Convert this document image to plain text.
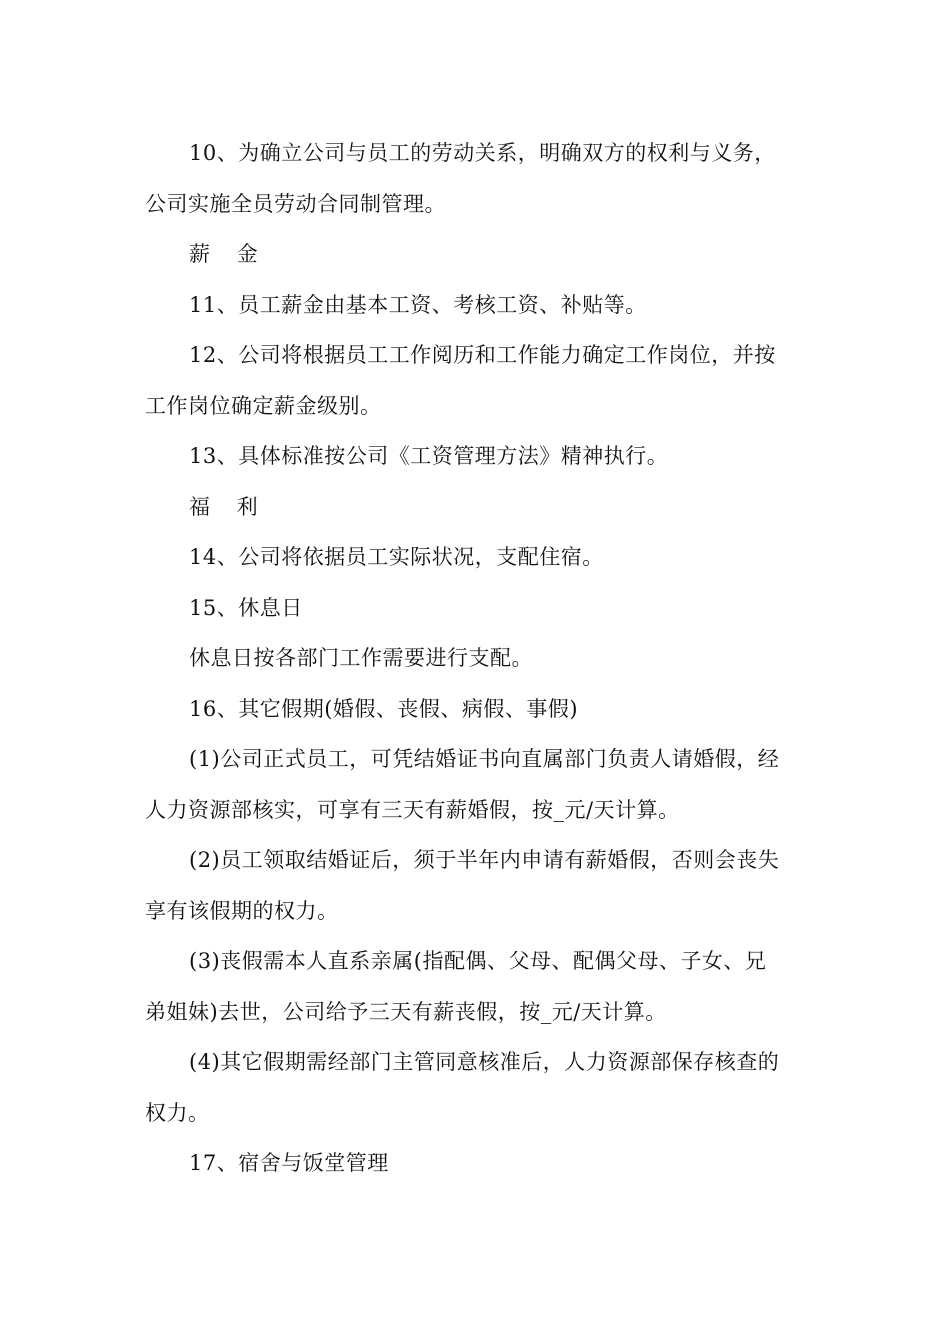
10、为确立公司与员工的劳动关系，明确双方的权利与义务，
公司实施全员劳动合同制管理。

薪 金

11、员工薪金由基本工资、考核工资、补贴等。

12、公司将根据员工工作阅历和工作能力确定工作岗位，并按
工作岗位确定薪金级别。

13、具体标准按公司《工资管理方法》精神执行。

福 利

14、公司将依据员工实际状况，支配住宿。

15、休息日

休息日按各部门工作需要进行支配。

16、其它假期(婚假、丧假、病假、事假)

(1)公司正式员工，可凭结婚证书向直属部门负责人请婚假，经
人力资源部核实，可享有三天有薪婚假，按_元/天计算。

(2)员工领取结婚证后，须于半年内申请有薪婚假，否则会丧失
享有该假期的权力。

(3)丧假需本人直系亲属(指配偶、父母、配偶父母、子女、兄
弟姐妹)去世，公司给予三天有薪丧假，按_元/天计算。

(4)其它假期需经部门主管同意核准后，人力资源部保存核查的
权力。

17、宿舍与饭堂管理
